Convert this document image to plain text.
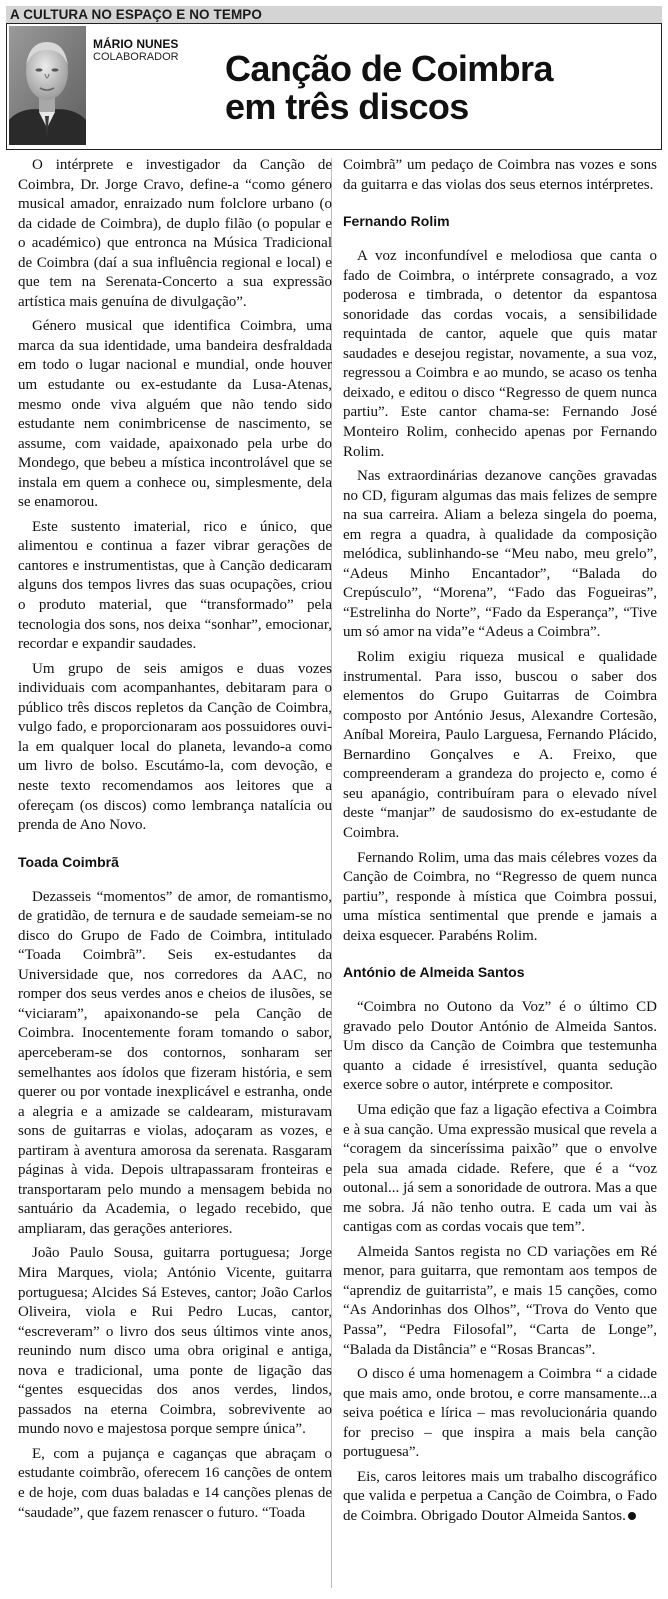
A CULTURA NO ESPAÇO E NO TEMPO
MÁRIO NUNES
COLABORADOR Canção de Coimbra
em três discos

O intérprete e investigador da Canção de Coimbra, Dr. Jorge Cravo, define-a “como género musical amador, enraizado num folclore urbano (o da cidade de Coimbra), de duplo filão (o popular e o académico) que entronca na Música Tradicional de Coimbra (daí a sua influência regional e local) e que tem na Serenata-Concerto a sua expressão artística mais genuína de divulgação”.

Género musical que identifica Coimbra, uma marca da sua identidade, uma bandeira desfraldada em todo o lugar nacional e mundial, onde houver um estudante ou ex-estudante da Lusa-Atenas, mesmo onde viva alguém que não tendo sido estudante nem conimbricense de nascimento, se assume, com vaidade, apaixonado pela urbe do Mondego, que bebeu a mística incontrolável que se instala em quem a conhece ou, simplesmente, dela se enamorou.

Este sustento imaterial, rico e único, que alimentou e continua a fazer vibrar gerações de cantores e instrumentistas, que à Canção dedicaram alguns dos tempos livres das suas ocupações, criou o produto material, que “transformado” pela tecnologia dos sons, nos deixa “sonhar”, emocionar, recordar e expandir saudades.

Um grupo de seis amigos e duas vozes individuais com acompanhantes, debitaram para o público três discos repletos da Canção de Coimbra, vulgo fado, e proporcionaram aos possuidores ouvi-la em qualquer local do planeta, levando-a como um livro de bolso. Escutámo-la, com devoção, e neste texto recomendamos aos leitores que a ofereçam (os discos) como lembrança natalícia ou prenda de Ano Novo.

Toada Coimbrã

Dezasseis “momentos” de amor, de romantismo, de gratidão, de ternura e de saudade semeiam-se no disco do Grupo de Fado de Coimbra, intitulado “Toada Coimbrã”. Seis ex-estudantes da Universidade que, nos corredores da AAC, no romper dos seus verdes anos e cheios de ilusões, se “viciaram”, apaixonando-se pela Canção de Coimbra. Inocentemente foram tomando o sabor, aperceberam-se dos contornos, sonharam ser semelhantes aos ídolos que fizeram história, e sem querer ou por vontade inexplicável e estranha, onde a alegria e a amizade se caldearam, misturavam sons de guitarras e violas, adoçaram as vozes, e partiram à aventura amorosa da serenata. Rasgaram páginas à vida. Depois ultrapassaram fronteiras e transportaram pelo mundo a mensagem bebida no santuário da Academia, o legado recebido, que ampliaram, das gerações anteriores.

João Paulo Sousa, guitarra portuguesa; Jorge Mira Marques, viola; António Vicente, guitarra portuguesa; Alcides Sá Esteves, cantor; João Carlos Oliveira, viola e Rui Pedro Lucas, cantor, “escreveram” o livro dos seus últimos vinte anos, reunindo num disco uma obra original e antiga, nova e tradicional, uma ponte de ligação das “gentes esquecidas dos anos verdes, lindos, passados na eterna Coimbra, sobrevivente ao mundo novo e majestosa porque sempre única”.

E, com a pujança e caganças que abraçam o estudante coimbrão, oferecem 16 canções de ontem e de hoje, com duas baladas e 14 canções plenas de “saudade”, que fazem renascer o futuro. “Toada

Coimbrã” um pedaço de Coimbra nas vozes e sons da guitarra e das violas dos seus eternos intérpretes.

Fernando Rolim

A voz inconfundível e melodiosa que canta o fado de Coimbra, o intérprete consagrado, a voz poderosa e timbrada, o detentor da espantosa sonoridade das cordas vocais, a sensibilidade requintada de cantor, aquele que quis matar saudades e desejou registar, novamente, a sua voz, regressou a Coimbra e ao mundo, se acaso os tenha deixado, e editou o disco “Regresso de quem nunca partiu”. Este cantor chama-se: Fernando José Monteiro Rolim, conhecido apenas por Fernando Rolim.

Nas extraordinárias dezanove canções gravadas no CD, figuram algumas das mais felizes de sempre na sua carreira. Aliam a beleza singela do poema, em regra a quadra, à qualidade da composição melódica, sublinhando-se “Meu nabo, meu grelo”, “Adeus Minho Encantador”, “Balada do Crepúsculo”, “Morena”, “Fado das Fogueiras”, “Estrelinha do Norte”, “Fado da Esperança”, “Tive um só amor na vida”e “Adeus a Coimbra”.

Rolim exigiu riqueza musical e qualidade instrumental. Para isso, buscou o saber dos elementos do Grupo Guitarras de Coimbra composto por António Jesus, Alexandre Cortesão, Aníbal Moreira, Paulo Larguesa, Fernando Plácido, Bernardino Gonçalves e A. Freixo, que compreenderam a grandeza do projecto e, como é seu apanágio, contribuíram para o elevado nível deste “manjar” de saudosismo do ex-estudante de Coimbra.

Fernando Rolim, uma das mais célebres vozes da Canção de Coimbra, no “Regresso de quem nunca partiu”, responde à mística que Coimbra possui, uma mística sentimental que prende e jamais a deixa esquecer. Parabéns Rolim.

António de Almeida Santos

“Coimbra no Outono da Voz” é o último CD gravado pelo Doutor António de Almeida Santos. Um disco da Canção de Coimbra que testemunha quanto a cidade é irresistível, quanta sedução exerce sobre o autor, intérprete e compositor.

Uma edição que faz a ligação efectiva a Coimbra e à sua canção. Uma expressão musical que revela a “coragem da sinceríssima paixão” que o envolve pela sua amada cidade. Refere, que é a “voz outonal... já sem a sonoridade de outrora. Mas a que me sobra. Já não tenho outra. E cada um vai às cantigas com as cordas vocais que tem”.

Almeida Santos regista no CD variações em Ré menor, para guitarra, que remontam aos tempos de “aprendiz de guitarrista”, e mais 15 canções, como “As Andorinhas dos Olhos”, “Trova do Vento que Passa”, “Pedra Filosofal”, “Carta de Longe”, “Balada da Distância” e “Rosas Brancas”.

O disco é uma homenagem a Coimbra “ a cidade que mais amo, onde brotou, e corre mansamente...a seiva poética e lírica – mas revolucionária quando for preciso – que inspira a mais bela canção portuguesa”.

Eis, caros leitores mais um trabalho discográfico que valida e perpetua a Canção de Coimbra, o Fado de Coimbra. Obrigado Doutor Almeida Santos.
